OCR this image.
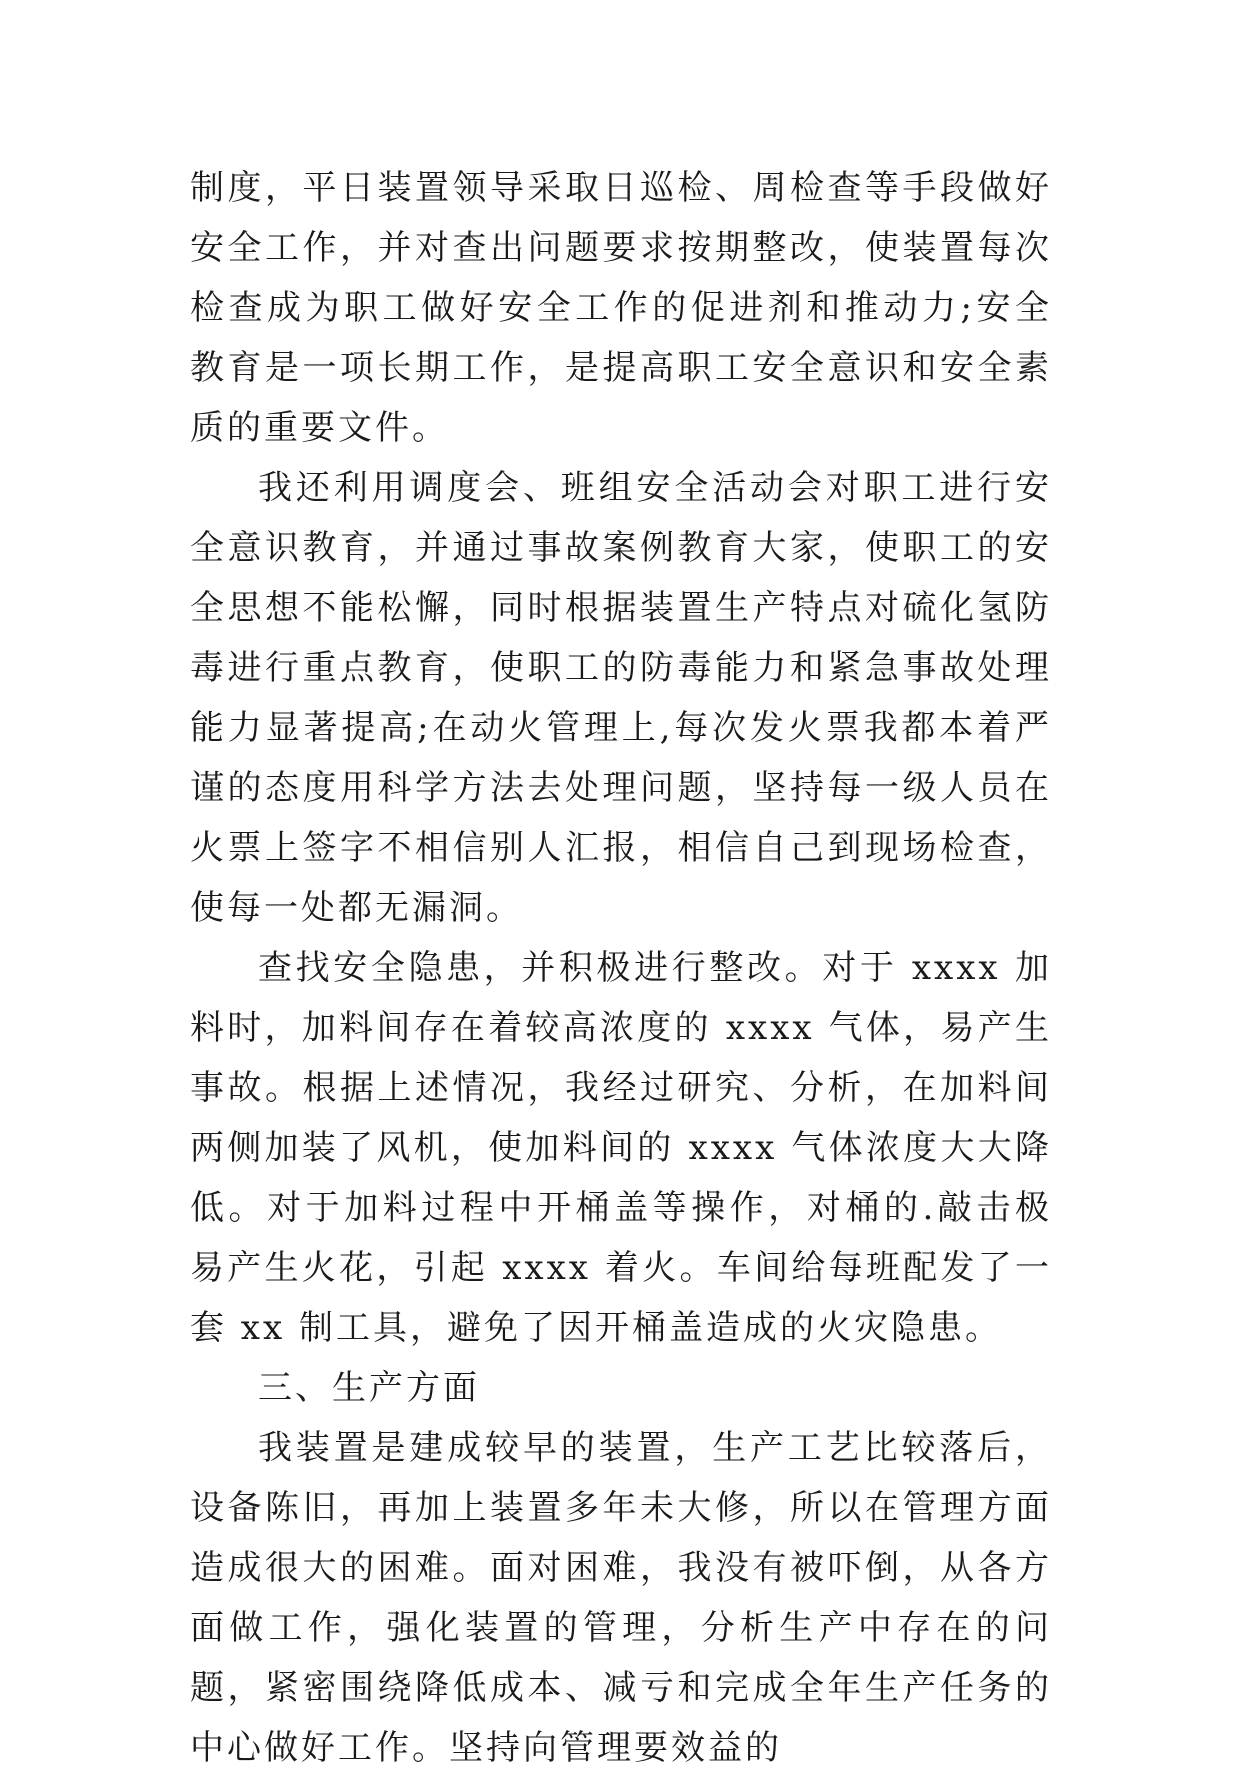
制度，平日装置领导采取日巡检、周检查等手段做好安全工作，并对查出问题要求按期整改，使装置每次检查成为职工做好安全工作的促进剂和推动力;安全教育是一项长期工作，是提高职工安全意识和安全素质的重要文件。

我还利用调度会、班组安全活动会对职工进行安全意识教育，并通过事故案例教育大家，使职工的安全思想不能松懈，同时根据装置生产特点对硫化氢防毒进行重点教育，使职工的防毒能力和紧急事故处理能力显著提高;在动火管理上,每次发火票我都本着严谨的态度用科学方法去处理问题，坚持每一级人员在火票上签字不相信别人汇报，相信自己到现场检查，使每一处都无漏洞。

查找安全隐患，并积极进行整改。对于 xxxx 加料时，加料间存在着较高浓度的 xxxx 气体，易产生事故。根据上述情况，我经过研究、分析，在加料间两侧加装了风机，使加料间的 xxxx 气体浓度大大降低。对于加料过程中开桶盖等操作，对桶的.敲击极易产生火花，引起 xxxx 着火。车间给每班配发了一套 xx 制工具，避免了因开桶盖造成的火灾隐患。

三、生产方面

我装置是建成较早的装置，生产工艺比较落后，设备陈旧，再加上装置多年未大修，所以在管理方面造成很大的困难。面对困难，我没有被吓倒，从各方面做工作，强化装置的管理，分析生产中存在的问题，紧密围绕降低成本、减亏和完成全年生产任务的中心做好工作。坚持向管理要效益的
